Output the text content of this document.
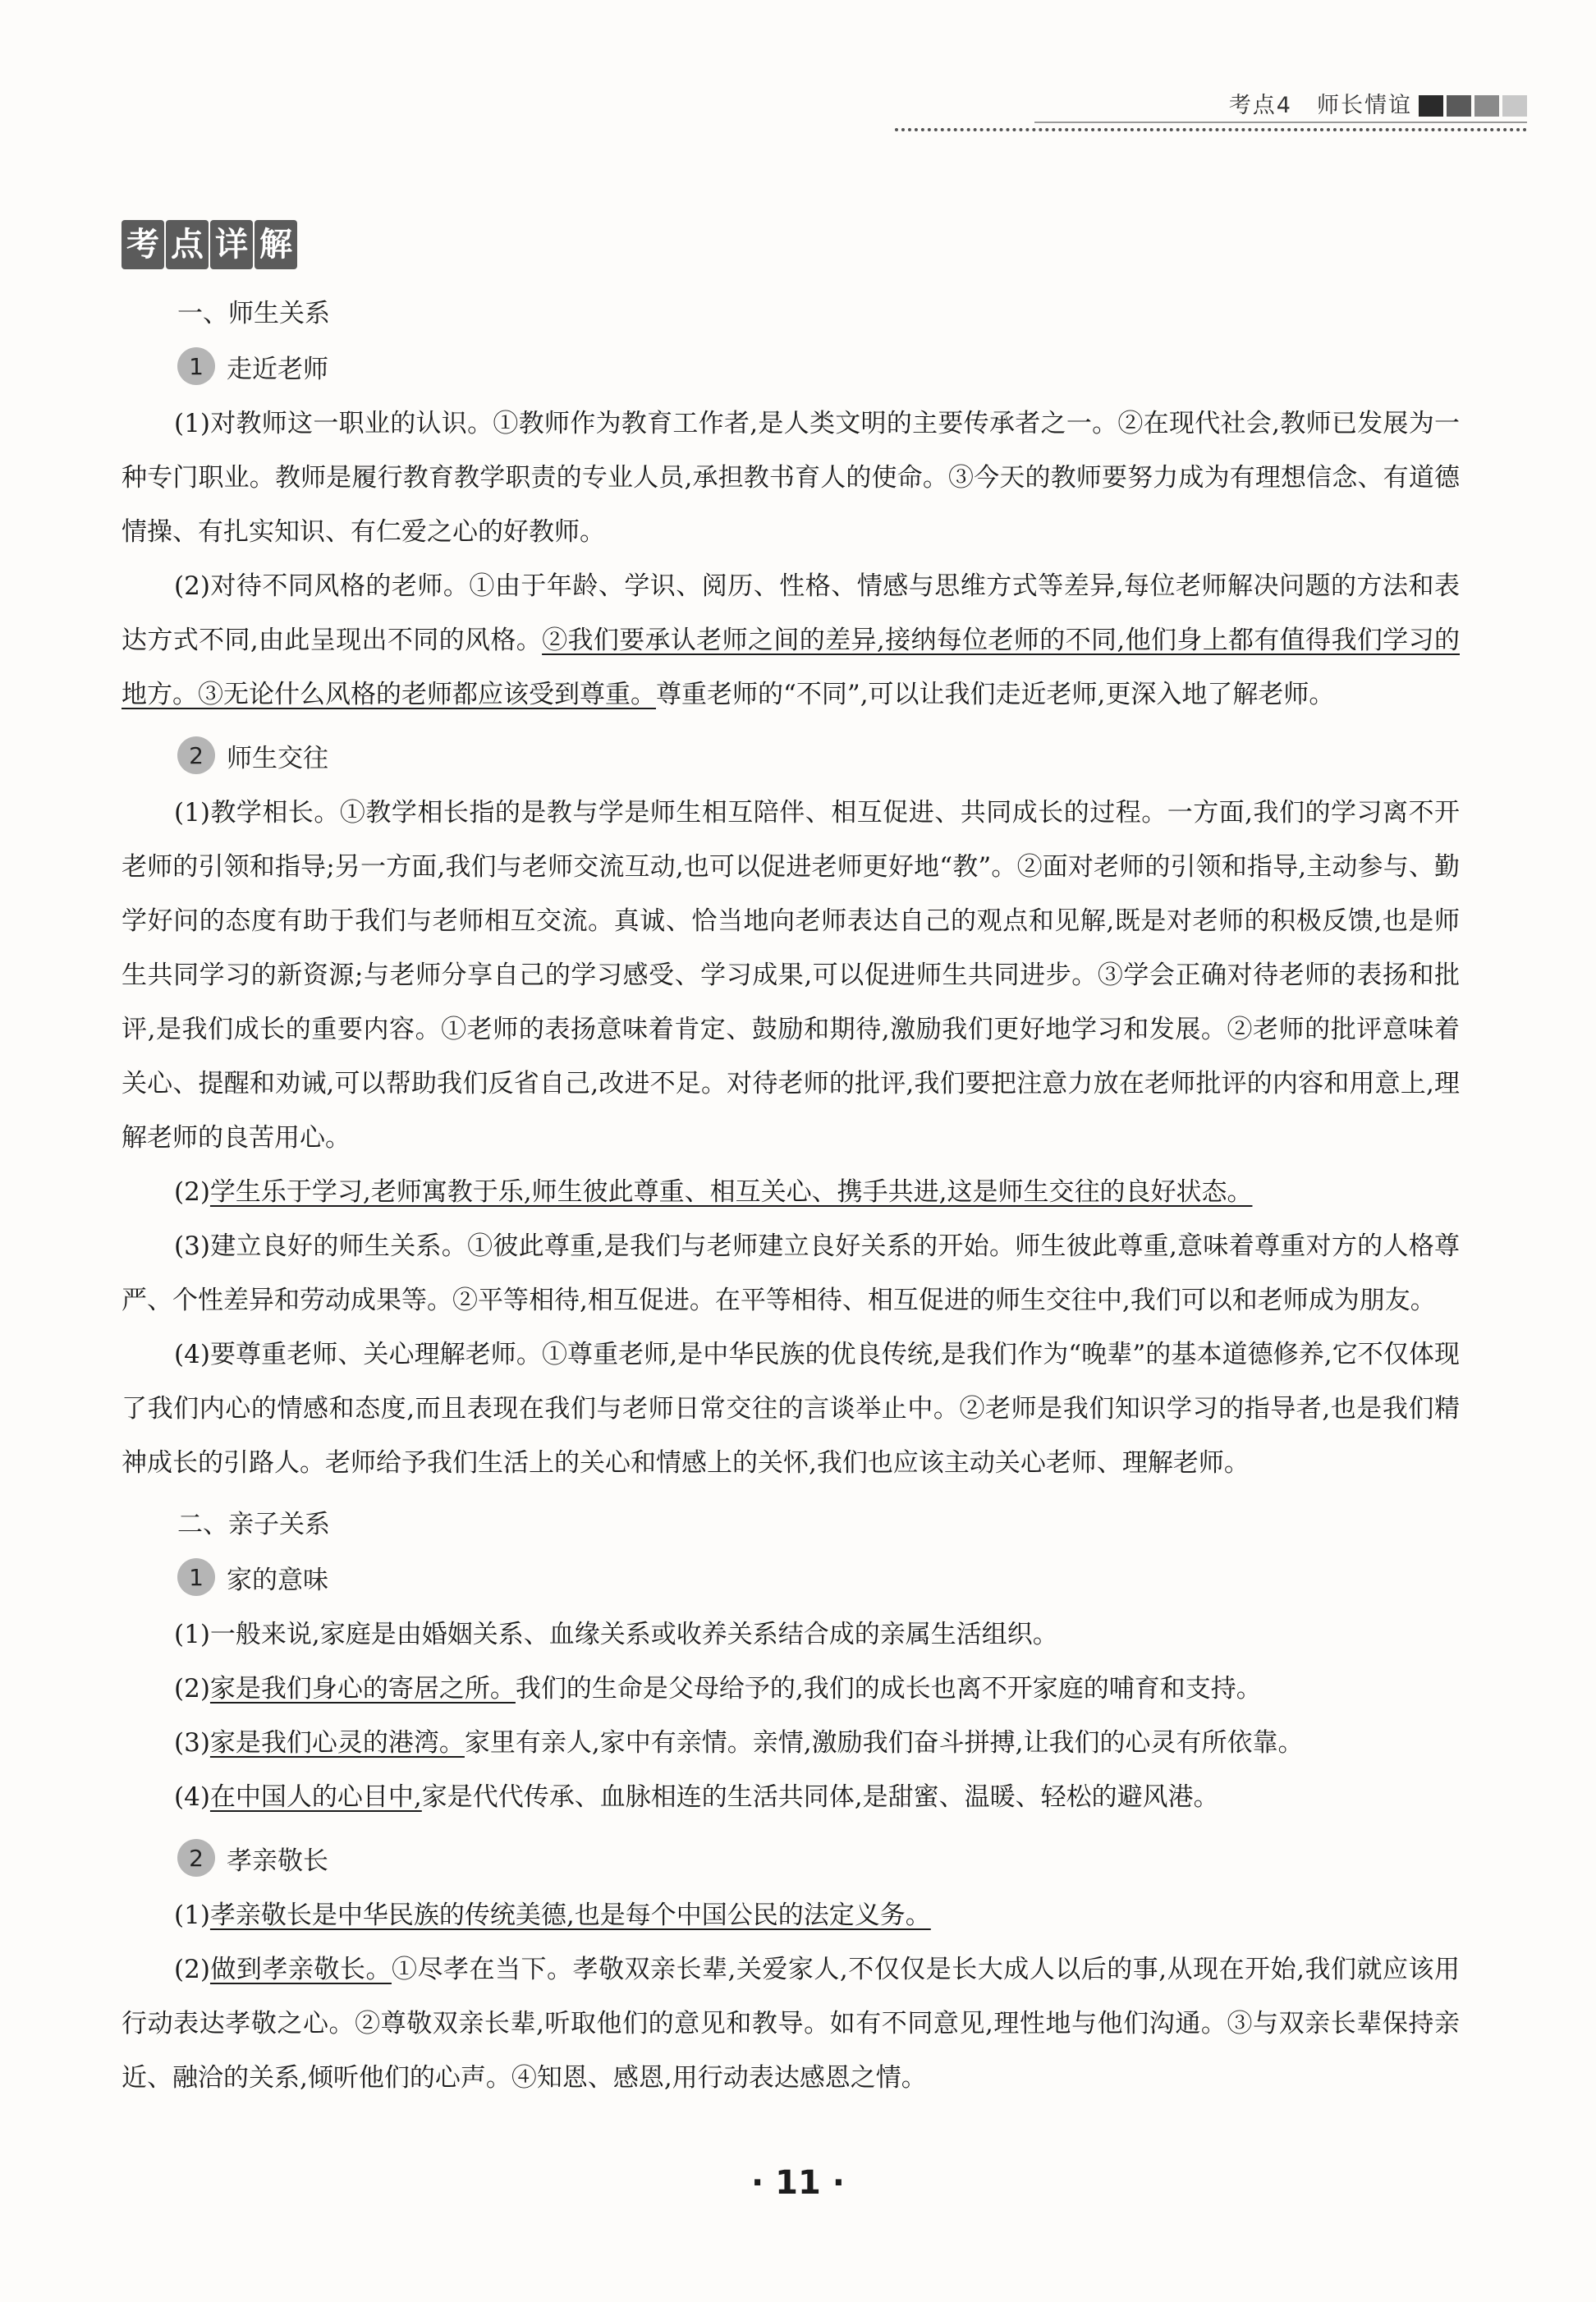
考点4 师长情谊
考 点 详 解
一、师生关系
1 走近老师

(1)对教师这一职业的认识。①教师作为教育工作者,是人类文明的主要传承者之一。②在现代社会,教师已发展为一种专门职业。教师是履行教育教学职责的专业人员,承担教书育人的使命。③今天的教师要努力成为有理想信念、有道德情操、有扎实知识、有仁爱之心的好教师。

(2)对待不同风格的老师。①由于年龄、学识、阅历、性格、情感与思维方式等差异,每位老师解决问题的方法和表达方式不同,由此呈现出不同的风格。②我们要承认老师之间的差异,接纳每位老师的不同,他们身上都有值得我们学习的地方。③无论什么风格的老师都应该受到尊重。尊重老师的“不同”,可以让我们走近老师,更深入地了解老师。

2 师生交往

(1)教学相长。①教学相长指的是教与学是师生相互陪伴、相互促进、共同成长的过程。一方面,我们的学习离不开老师的引领和指导;另一方面,我们与老师交流互动,也可以促进老师更好地“教”。②面对老师的引领和指导,主动参与、勤学好问的态度有助于我们与老师相互交流。真诚、恰当地向老师表达自己的观点和见解,既是对老师的积极反馈,也是师生共同学习的新资源;与老师分享自己的学习感受、学习成果,可以促进师生共同进步。③学会正确对待老师的表扬和批评,是我们成长的重要内容。①老师的表扬意味着肯定、鼓励和期待,激励我们更好地学习和发展。②老师的批评意味着关心、提醒和劝诫,可以帮助我们反省自己,改进不足。对待老师的批评,我们要把注意力放在老师批评的内容和用意上,理解老师的良苦用心。

(2)学生乐于学习,老师寓教于乐,师生彼此尊重、相互关心、携手共进,这是师生交往的良好状态。

(3)建立良好的师生关系。①彼此尊重,是我们与老师建立良好关系的开始。师生彼此尊重,意味着尊重对方的人格尊严、个性差异和劳动成果等。②平等相待,相互促进。在平等相待、相互促进的师生交往中,我们可以和老师成为朋友。

(4)要尊重老师、关心理解老师。①尊重老师,是中华民族的优良传统,是我们作为“晚辈”的基本道德修养,它不仅体现了我们内心的情感和态度,而且表现在我们与老师日常交往的言谈举止中。②老师是我们知识学习的指导者,也是我们精神成长的引路人。老师给予我们生活上的关心和情感上的关怀,我们也应该主动关心老师、理解老师。

二、亲子关系
1 家的意味

(1)一般来说,家庭是由婚姻关系、血缘关系或收养关系结合成的亲属生活组织。

(2)家是我们身心的寄居之所。我们的生命是父母给予的,我们的成长也离不开家庭的哺育和支持。

(3)家是我们心灵的港湾。家里有亲人,家中有亲情。亲情,激励我们奋斗拼搏,让我们的心灵有所依靠。

(4)在中国人的心目中,家是代代传承、血脉相连的生活共同体,是甜蜜、温暖、轻松的避风港。

2 孝亲敬长

(1)孝亲敬长是中华民族的传统美德,也是每个中国公民的法定义务。

(2)做到孝亲敬长。①尽孝在当下。孝敬双亲长辈,关爱家人,不仅仅是长大成人以后的事,从现在开始,我们就应该用行动表达孝敬之心。②尊敬双亲长辈,听取他们的意见和教导。如有不同意见,理性地与他们沟通。③与双亲长辈保持亲近、融洽的关系,倾听他们的心声。④知恩、感恩,用行动表达感恩之情。

· 11 ·
